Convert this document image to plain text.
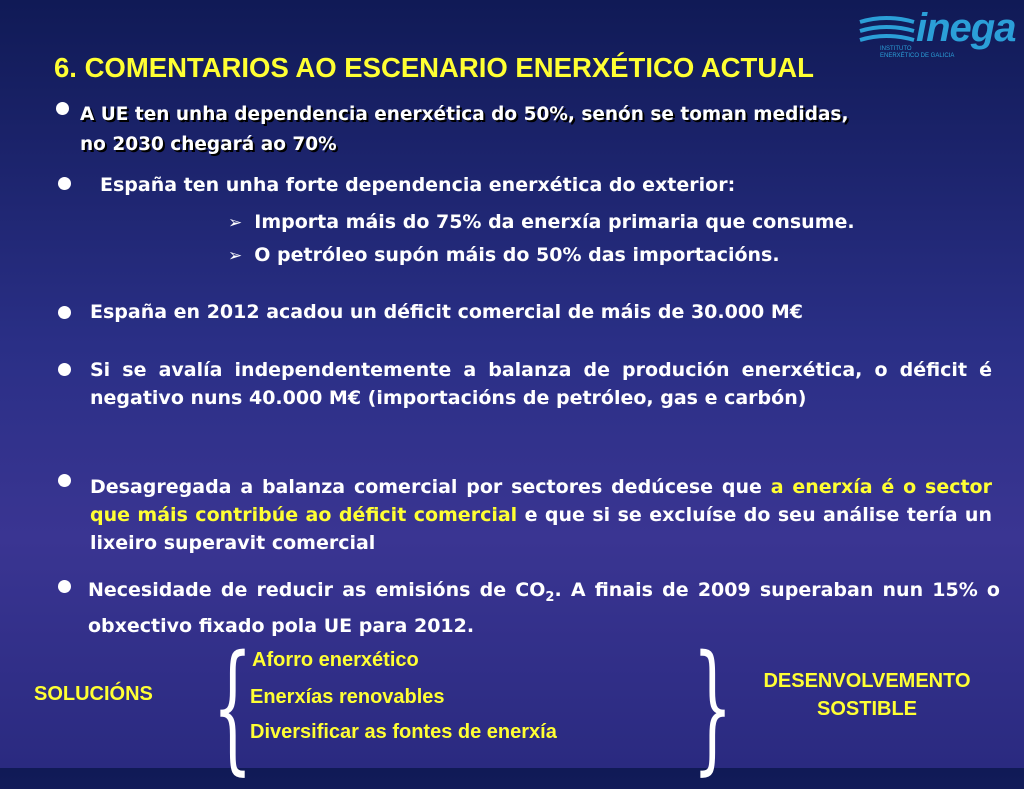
inega
INSTITUTO
ENERXÉTICO DE GALICIA
6. COMENTARIOS AO ESCENARIO ENERXÉTICO ACTUAL
A UE ten unha dependencia enerxética do 50%, senón se toman medidas,
no 2030 chegará ao 70%
España ten unha forte dependencia enerxética do exterior:
➢ Importa máis do 75% da enerxía primaria que consume.
➢ O petróleo supón máis do 50% das importacións.
España en 2012 acadou un déficit comercial de máis de 30.000 M€
Si se avalía independentemente a balanza de produción enerxética, o déficit é negativo nuns 40.000 M€ (importacións de petróleo, gas e carbón)
Desagregada a balanza comercial por sectores dedúcese que a enerxía é o sector que máis contribúe ao déficit comercial e que si se excluíse do seu análise tería un lixeiro superavit comercial
Necesidade de reducir as emisións de $CO_2$. A finais de 2009 superaban nun 15% o obxectivo fixado pola UE para 2012.
SOLUCIÓNS {	}
Aforro enerxético
Enerxías renovables
Diversificar as fontes de enerxía
DESENVOLVEMENTO
SOSTIBLE
